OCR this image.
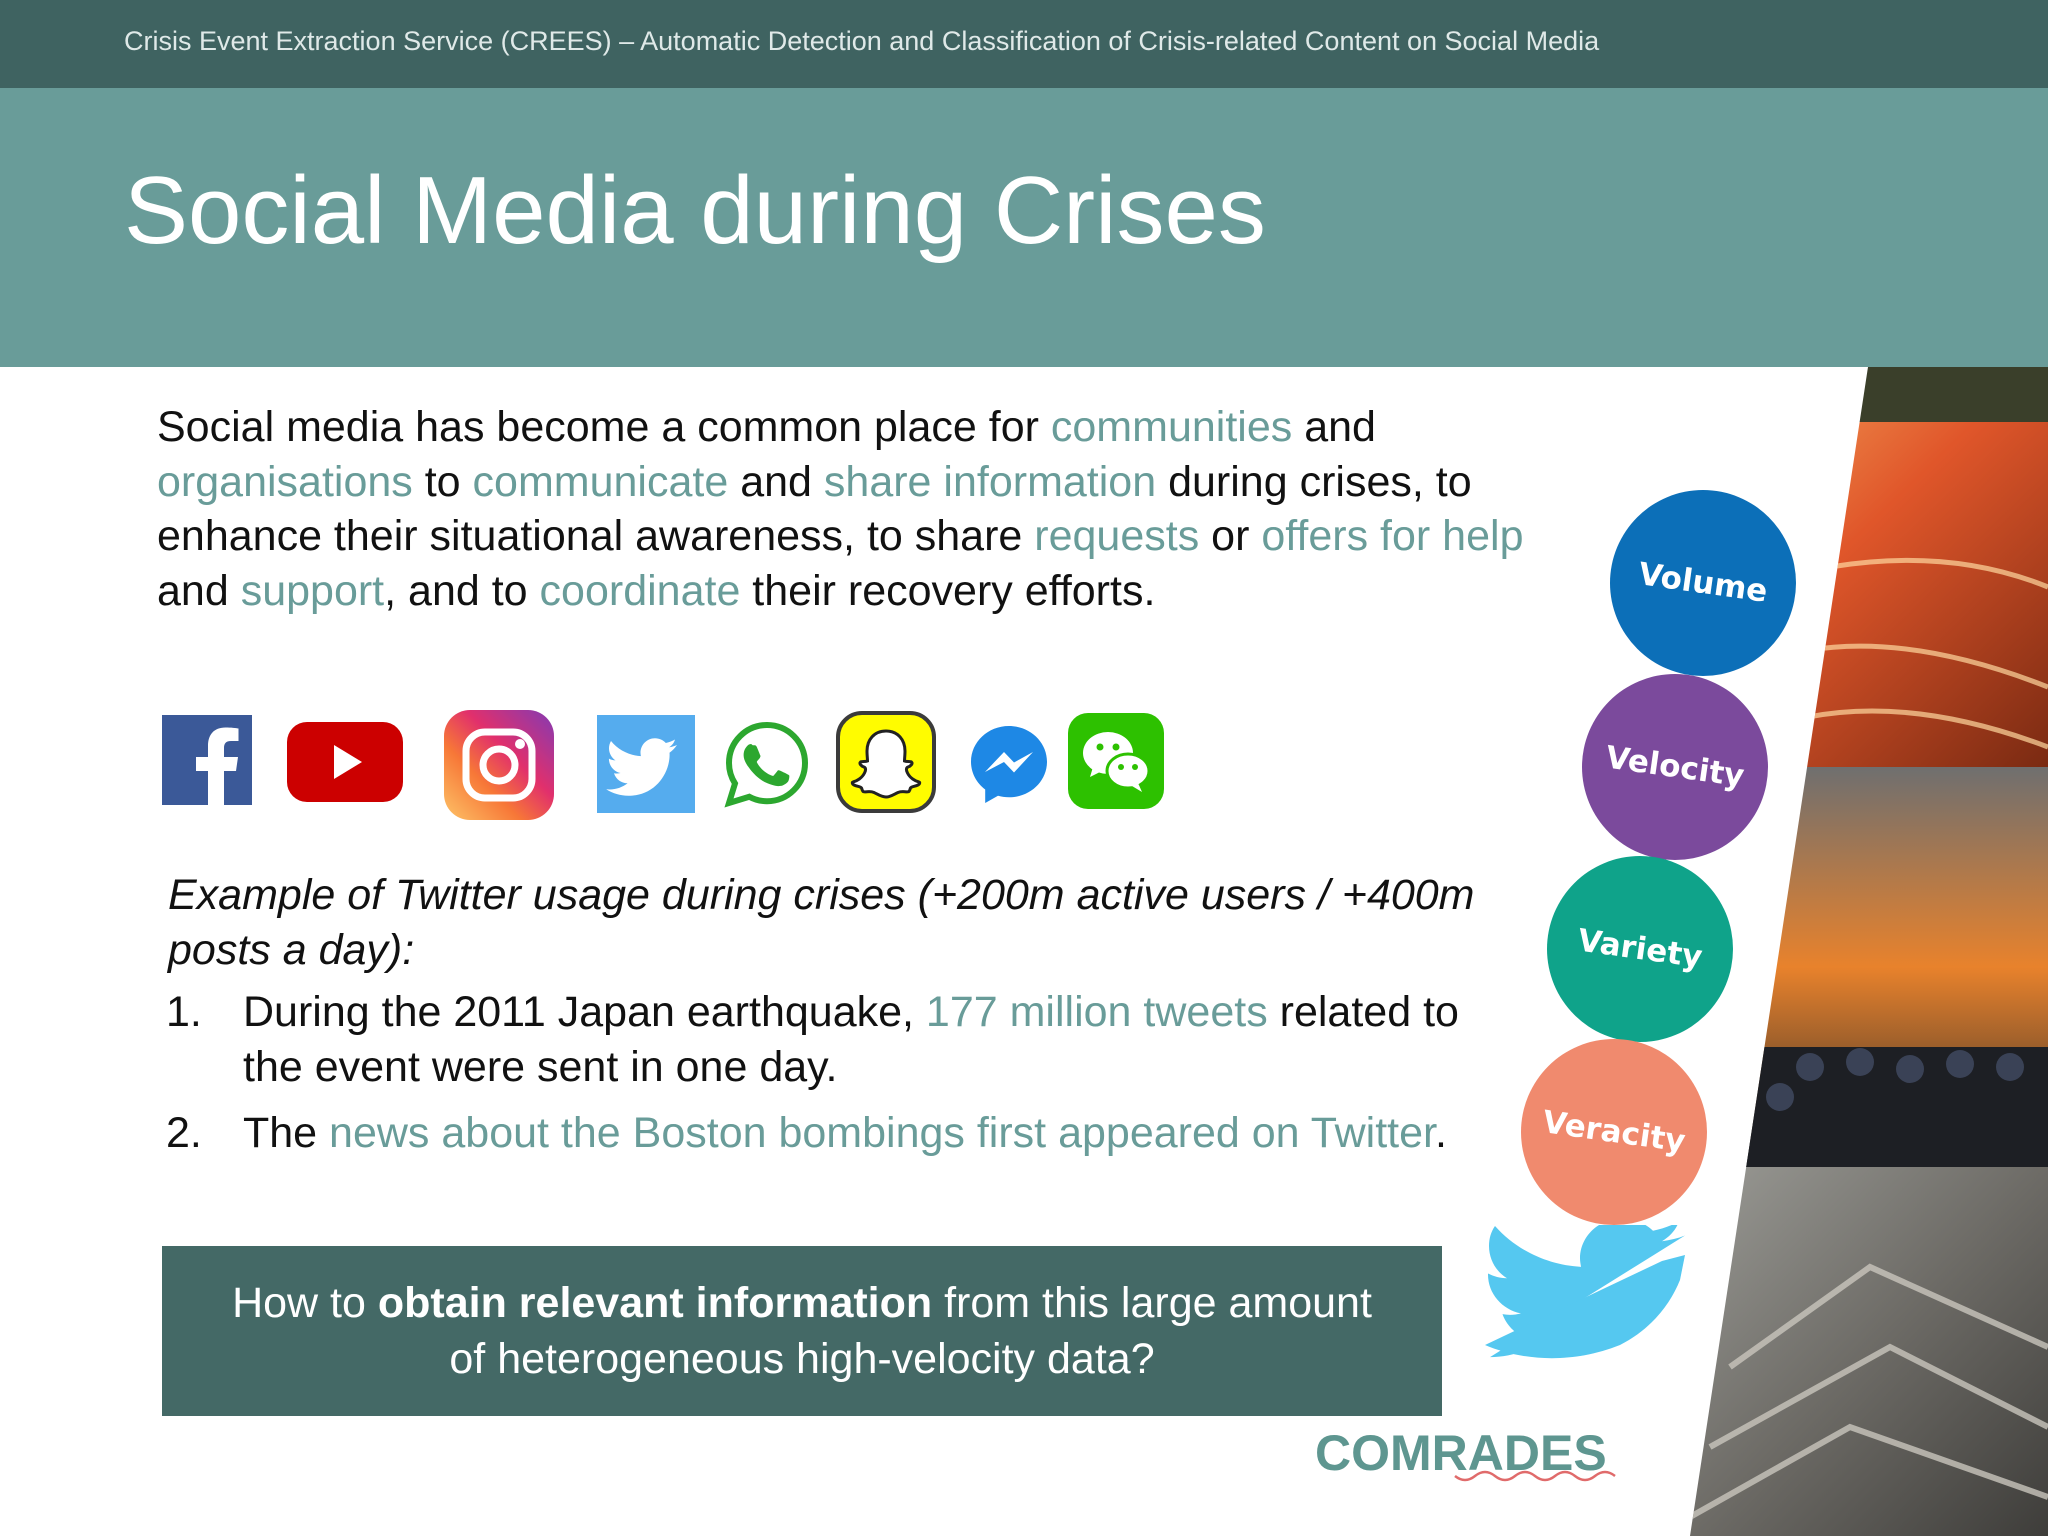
Crisis Event Extraction Service (CREES) – Automatic Detection and Classification of Crisis-related Content on Social Media
Social Media during Crises
Social media has become a common place for communities and organisations to communicate and share information during crises, to enhance their situational awareness, to share requests or offers for help and support, and to coordinate their recovery efforts.
Example of Twitter usage during crises (+200m active users / +400m posts a day):
1. During the 2011 Japan earthquake, 177 million tweets related to the event were sent in one day.
2. The news about the Boston bombings first appeared on Twitter.
How to obtain relevant information from this large amount
of heterogeneous high-velocity data?
COMRADES
Volume
Velocity
Variety
Veracity
